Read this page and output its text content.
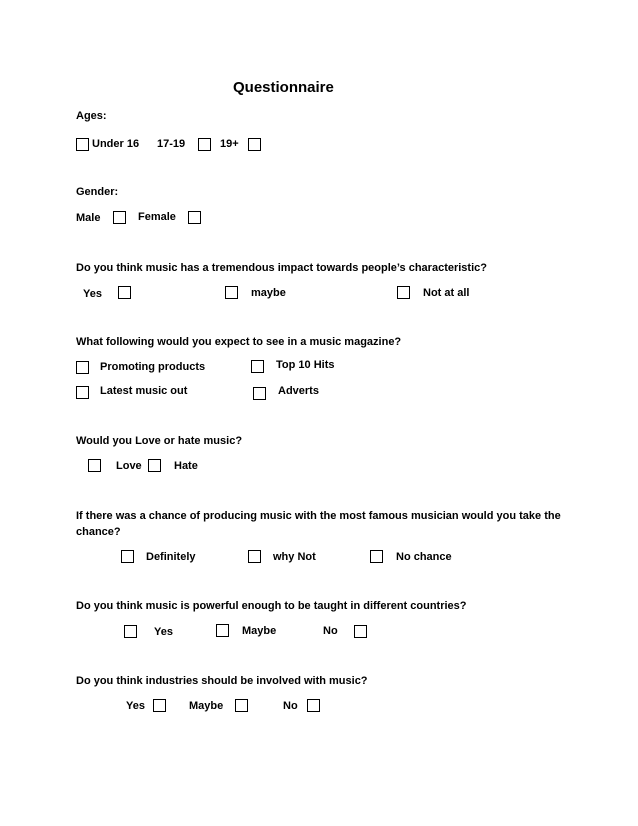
Questionnaire
Ages:
Under 16 17-19	19+
Gender:
Male	Female
Do you think music has a tremendous impact towards people’s characteristic?
Yes	maybe	Not at all
What following would you expect to see in a music magazine?
Promoting products	Top 10 Hits
Latest music out	Adverts
Would you Love or hate music?
Love	Hate
If there was a chance of producing music with the most famous musician would you take the
chance?
Definitely	why Not	No chance
Do you think music is powerful enough to be taught in different countries?
Yes	Maybe	No
Do you think industries should be involved with music?
Yes	Maybe	No
